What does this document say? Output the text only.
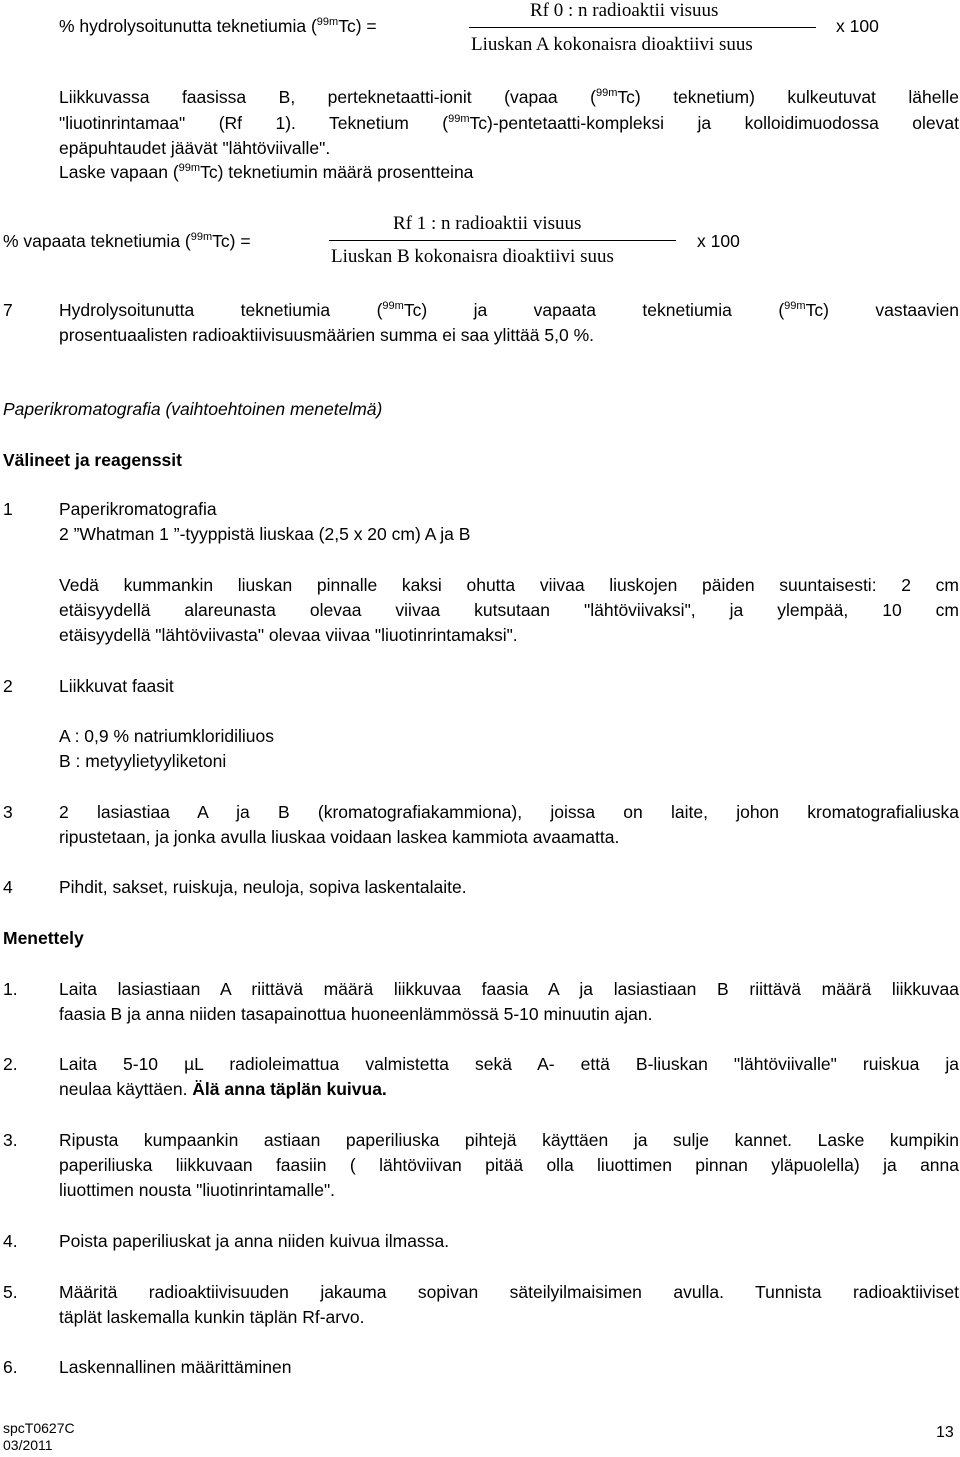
% hydrolysoitunutta teknetiumia ($^{99m}$Tc) =
Rf 0 : n radioaktii visuus
Liuskan A kokonaisra dioaktiivi suus
x 100
Liikkuvassa faasissa B, perteknetaatti-ionit (vapaa ($^{99m}$Tc) teknetium) kulkeutuvat lähelle
"liuotinrintamaa" (Rf 1). Teknetium ($^{99m}$Tc)-pentetaatti-kompleksi ja kolloidimuodossa olevat
epäpuhtaudet jäävät "lähtöviivalle".
Laske vapaan ($^{99m}$Tc) teknetiumin määrä prosentteina
% vapaata teknetiumia ($^{99m}$Tc) =
Rf 1 : n radioaktii visuus
Liuskan B kokonaisra dioaktiivi suus
x 100
7	Hydrolysoitunutta teknetiumia ($^{99m}$Tc) ja vapaata teknetiumia ($^{99m}$Tc) vastaavien
prosentuaalisten radioaktiivisuusmäärien summa ei saa ylittää 5,0 %.
Paperikromatografia (vaihtoehtoinen menetelmä)
Välineet ja reagenssit
1	Paperikromatografia
2 ”Whatman 1 ”-tyyppistä liuskaa (2,5 x 20 cm) A ja B
Vedä kummankin liuskan pinnalle kaksi ohutta viivaa liuskojen päiden suuntaisesti: 2 cm
etäisyydellä alareunasta olevaa viivaa kutsutaan "lähtöviivaksi", ja ylempää, 10 cm
etäisyydellä "lähtöviivasta" olevaa viivaa "liuotinrintamaksi".
2	Liikkuvat faasit
A : 0,9 % natriumkloridiliuos
B : metyylietyyliketoni
3	2 lasiastiaa A ja B (kromatografiakammiona), joissa on laite, johon kromatografialiuska
ripustetaan, ja jonka avulla liuskaa voidaan laskea kammiota avaamatta.
4	Pihdit, sakset, ruiskuja, neuloja, sopiva laskentalaite.
Menettely
1. Laita lasiastiaan A riittävä määrä liikkuvaa faasia A ja lasiastiaan B riittävä määrä liikkuvaa
faasia B ja anna niiden tasapainottua huoneenlämmössä 5-10 minuutin ajan.
2. Laita 5-10 µL radioleimattua valmistetta sekä A- että B-liuskan "lähtöviivalle" ruiskua ja
neulaa käyttäen. Älä anna täplän kuivua.
3. Ripusta kumpaankin astiaan paperiliuska pihtejä käyttäen ja sulje kannet. Laske kumpikin
paperiliuska liikkuvaan faasiin ( lähtöviivan pitää olla liuottimen pinnan yläpuolella) ja anna
liuottimen nousta "liuotinrintamalle".
4. Poista paperiliuskat ja anna niiden kuivua ilmassa.
5. Määritä radioaktiivisuuden jakauma sopivan säteilyilmaisimen avulla. Tunnista radioaktiiviset
täplät laskemalla kunkin täplän Rf-arvo.
6. Laskennallinen määrittäminen
spcT0627C
03/2011
13
